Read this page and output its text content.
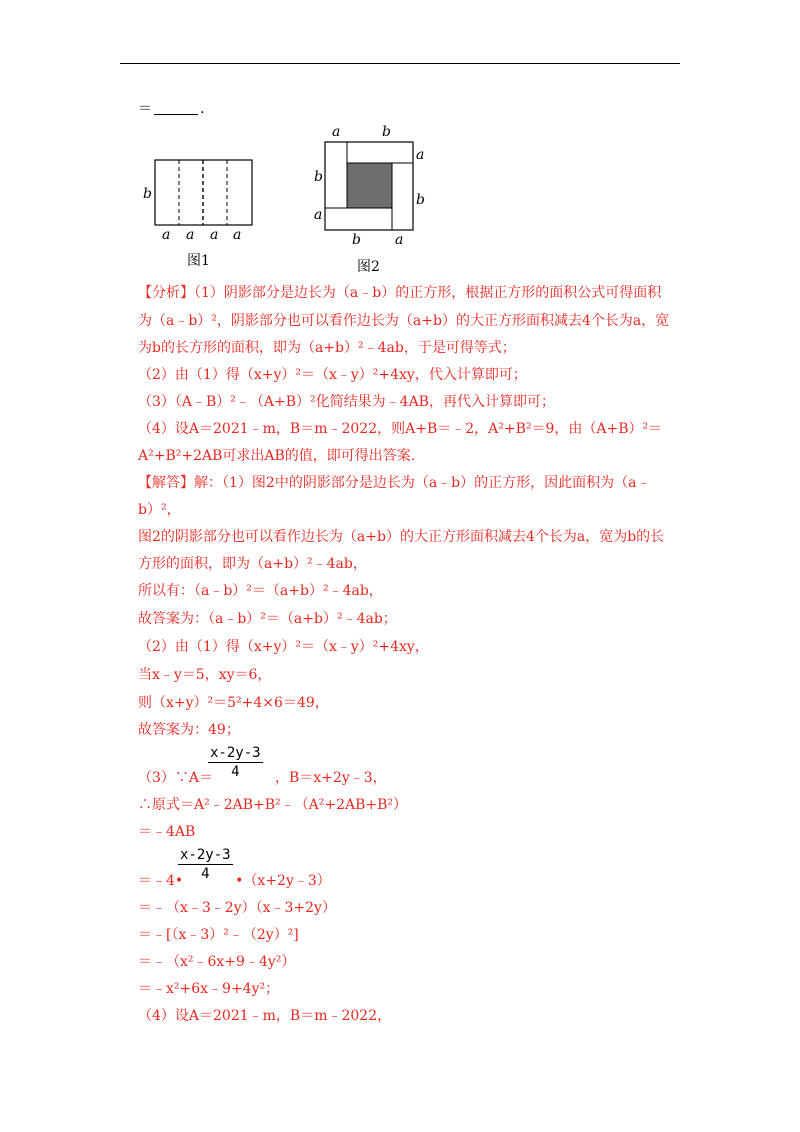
＝	.
b
a a a a
图1
a	b
a
b
b
a
b a
图2
【分析】（1）阴影部分是边长为（a﹣b）的正方形，根据正方形的面积公式可得面积
为（a﹣b）²，阴影部分也可以看作边长为（a+b）的大正方形面积减去4个长为a，宽
为b的长方形的面积，即为（a+b）²﹣4ab，于是可得等式；
（2）由（1）得（x+y）²＝（x﹣y）²+4xy，代入计算即可；
（3）（A﹣B）²﹣（A+B）²化简结果为﹣4AB，再代入计算即可；
（4）设A＝2021﹣m，B＝m﹣2022，则A+B＝﹣2，A²+B²＝9，由（A+B）²＝
A²+B²+2AB可求出AB的值，即可得出答案.
【解答】解：（1）图2中的阴影部分是边长为（a﹣b）的正方形，因此面积为（a﹣
b）²，
图2的阴影部分也可以看作边长为（a+b）的大正方形面积减去4个长为a，宽为b的长
方形的面积，即为（a+b）²﹣4ab，
所以有：（a﹣b）²＝（a+b）²﹣4ab，
故答案为：（a﹣b）²＝（a+b）²﹣4ab；
（2）由（1）得（x+y）²＝（x﹣y）²+4xy，
当x﹣y＝5，xy＝6，
则（x+y）²＝5²+4×6＝49，
故答案为：49；
$\frac{x-2y-3}{4}$
（3）∵A＝	，B＝x+2y﹣3，
∴原式＝A²﹣2AB+B²﹣（A²+2AB+B²）
＝﹣4AB
$\frac{x-2y-3}{4}$
＝﹣4•	•（x+2y﹣3）
＝﹣（x﹣3﹣2y）（x﹣3+2y）
＝﹣[（x﹣3）²﹣（2y）²]
＝﹣（x²﹣6x+9﹣4y²）
＝﹣x²+6x﹣9+4y²；
（4）设A＝2021﹣m，B＝m﹣2022，
